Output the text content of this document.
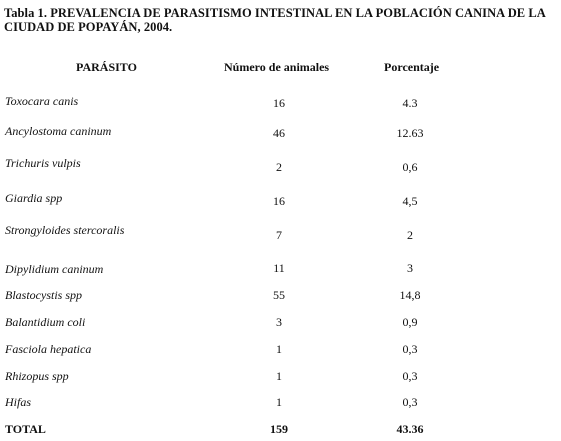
Tabla 1. PREVALENCIA DE PARASITISMO INTESTINAL EN LA POBLACIÓN CANINA DE LA CIUDAD DE POPAYÁN, 2004.
PARÁSITO	Número de animales	Porcentaje
Toxocara canis	16	4.3
Ancylostoma caninum	46	12.63
Trichuris vulpis	2	0,6
Giardia spp	16	4,5
Strongyloides stercoralis	7	2
Dipylidium caninum	11	3
Blastocystis spp	55	14,8
Balantidium coli	3	0,9
Fasciola hepatica	1	0,3
Rhizopus spp	1	0,3
Hifas	1	0,3
TOTAL	159	43.36
